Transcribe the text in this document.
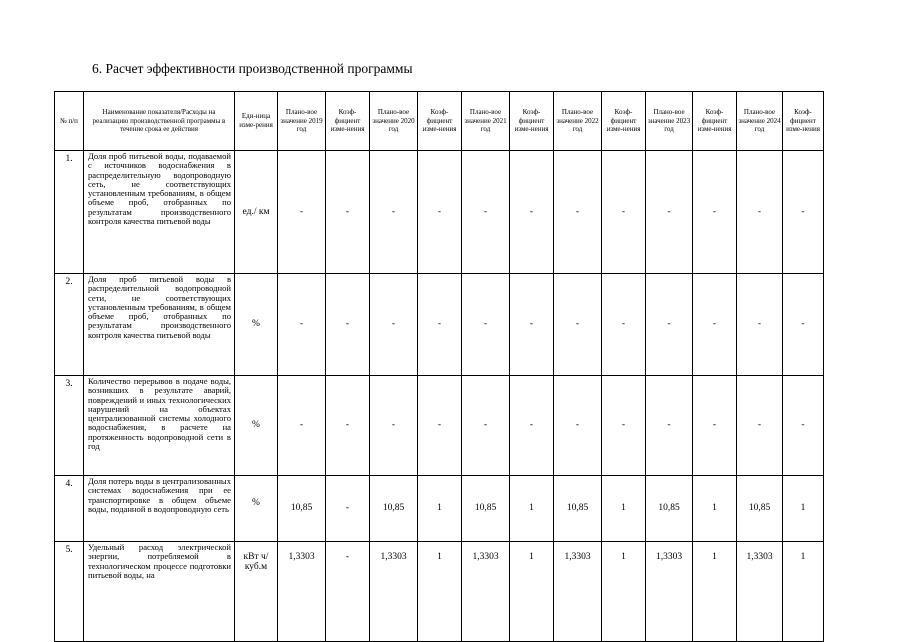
6. Расчет эффективности производственной программы
№ п/п	Наименование показателя/Расходы на реализацию производственной программы в течение срока ее действия	Еди-ница изме-рения	Плано-вое значение 2019 год	Коэф-фициент изме-нения	Плано-вое значение 2020 год	Коэф-фициент изме-нения	Плано-вое значение 2021 год	Коэф-фициент изме-нения	Плано-вое значение 2022 год	Коэф-фициент изме-нения	Плано-вое значение 2023 год	Коэф-фициент изме-нения	Плано-вое значение 2024 год	Коэф-фициент изме-нения
1.	Доля проб питьевой воды, подаваемой с источников водоснабжения в распределительную водопроводную сеть, не соответствующих установленным требованиям, в общем объеме проб, отобранных по результатам производственного контроля качества питьевой воды	ед./ км	-	-	-	-	-	-	-	-	-	-	-	-
2.	Доля проб питьевой воды в распределительной водопроводной сети, не соответствующих установленным требованиям, в общем объеме проб, отобранных по результатам производственного контроля качества питьевой воды	%	-	-	-	-	-	-	-	-	-	-	-	-
3.	Количество перерывов в подаче воды, возникших в результате аварий, повреждений и иных технологических нарушений на объектах централизованной системы холодного водоснабжения, в расчете на протяженность водопроводной сети в год	%	-	-	-	-	-	-	-	-	-	-	-	-
4.	Доля потерь воды в централизованных системах водоснабжения при ее транспортировке в общем объеме воды, поданной в водопроводную сеть	%	10,85	-	10,85	1	10,85	1	10,85	1	10,85	1	10,85	1
5.	Удельный расход электрической энергии, потребляемой в технологическом процессе подготовки питьевой воды, на	кВт ч/куб.м	1,3303	-	1,3303	1	1,3303	1	1,3303	1	1,3303	1	1,3303	1
